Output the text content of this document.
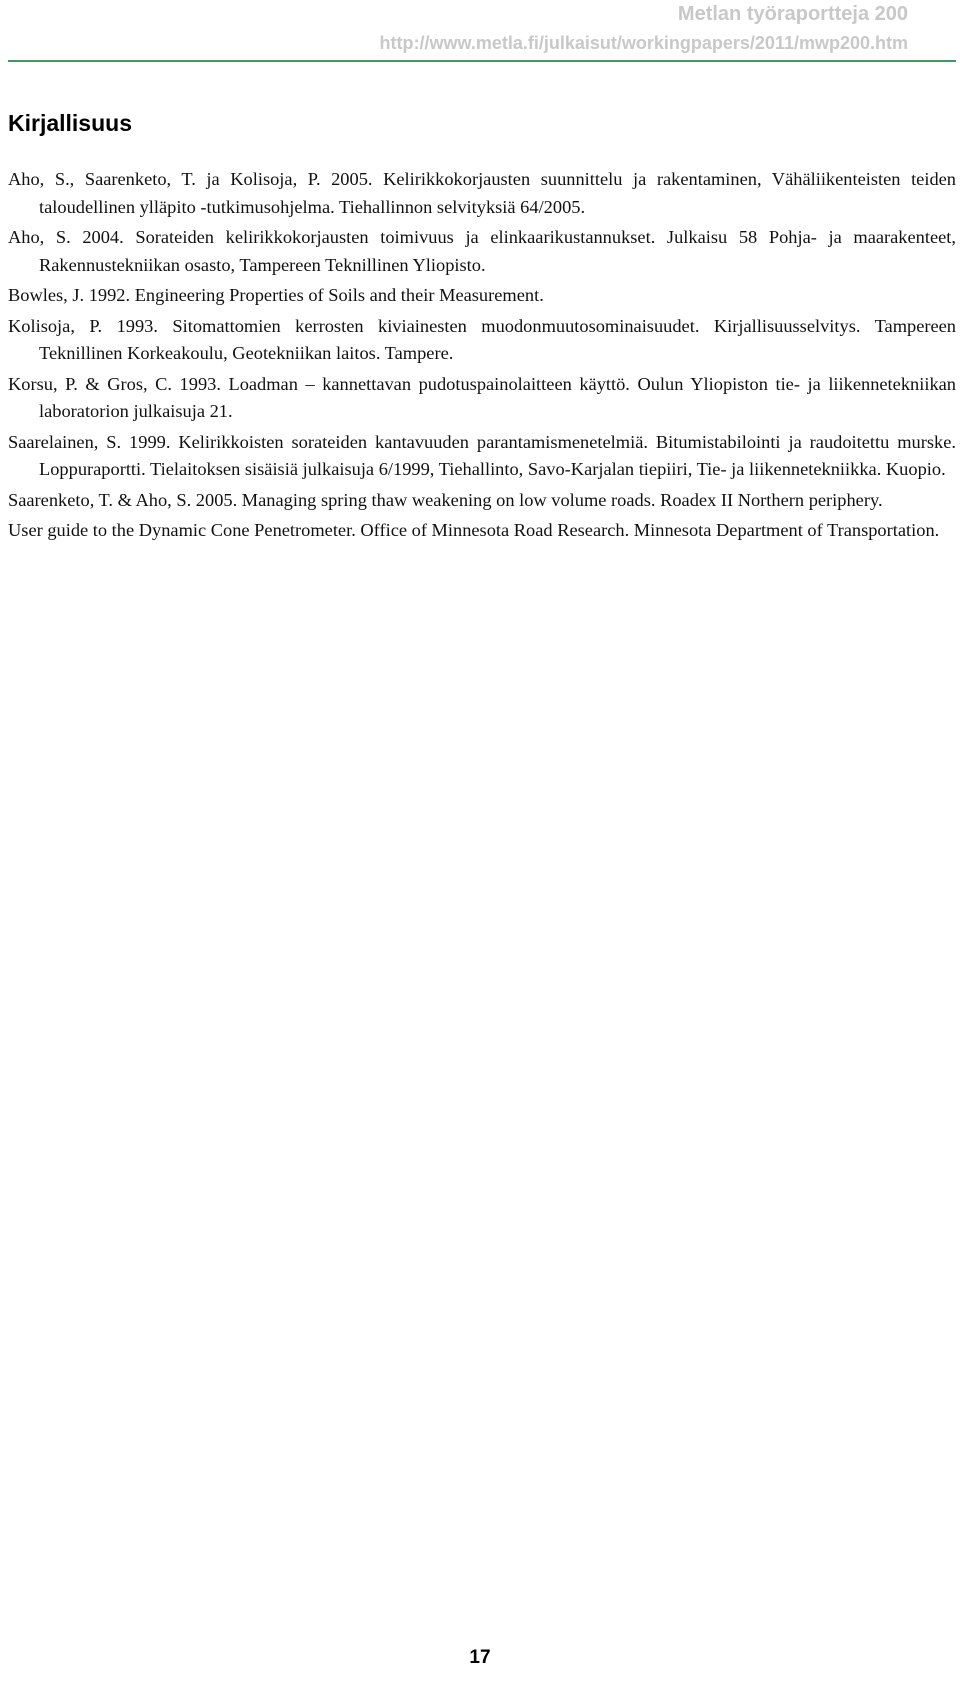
Metlan työraportteja 200
http://www.metla.fi/julkaisut/workingpapers/2011/mwp200.htm
Kirjallisuus
Aho, S., Saarenketo, T. ja Kolisoja, P. 2005. Kelirikkokorjausten suunnittelu ja rakentaminen, Vähäliikenteisten teiden taloudellinen ylläpito -tutkimusohjelma. Tiehallinnon selvityksiä 64/2005.
Aho, S. 2004. Sorateiden kelirikkokorjausten toimivuus ja elinkaarikustannukset. Julkaisu 58 Pohja- ja maarakenteet, Rakennustekniikan osasto, Tampereen Teknillinen Yliopisto.
Bowles, J. 1992. Engineering Properties of Soils and their Measurement.
Kolisoja, P. 1993. Sitomattomien kerrosten kiviainesten muodonmuutosominaisuudet. Kirjallisuusselvitys. Tampereen Teknillinen Korkeakoulu, Geotekniikan laitos. Tampere.
Korsu, P. & Gros, C. 1993. Loadman – kannettavan pudotuspainolaitteen käyttö. Oulun Yliopiston tie- ja liikennetekniikan laboratorion julkaisuja 21.
Saarelainen, S. 1999. Kelirikkoisten sorateiden kantavuuden parantamismenetelmiä. Bitumistabilointi ja raudoitettu murske. Loppuraportti. Tielaitoksen sisäisiä julkaisuja 6/1999, Tiehallinto, Savo-Karjalan tiepiiri, Tie- ja liikennetekniikka. Kuopio.
Saarenketo, T. & Aho, S. 2005. Managing spring thaw weakening on low volume roads. Roadex II Northern periphery.
User guide to the Dynamic Cone Penetrometer. Office of Minnesota Road Research. Minnesota Department of Transportation.
17
